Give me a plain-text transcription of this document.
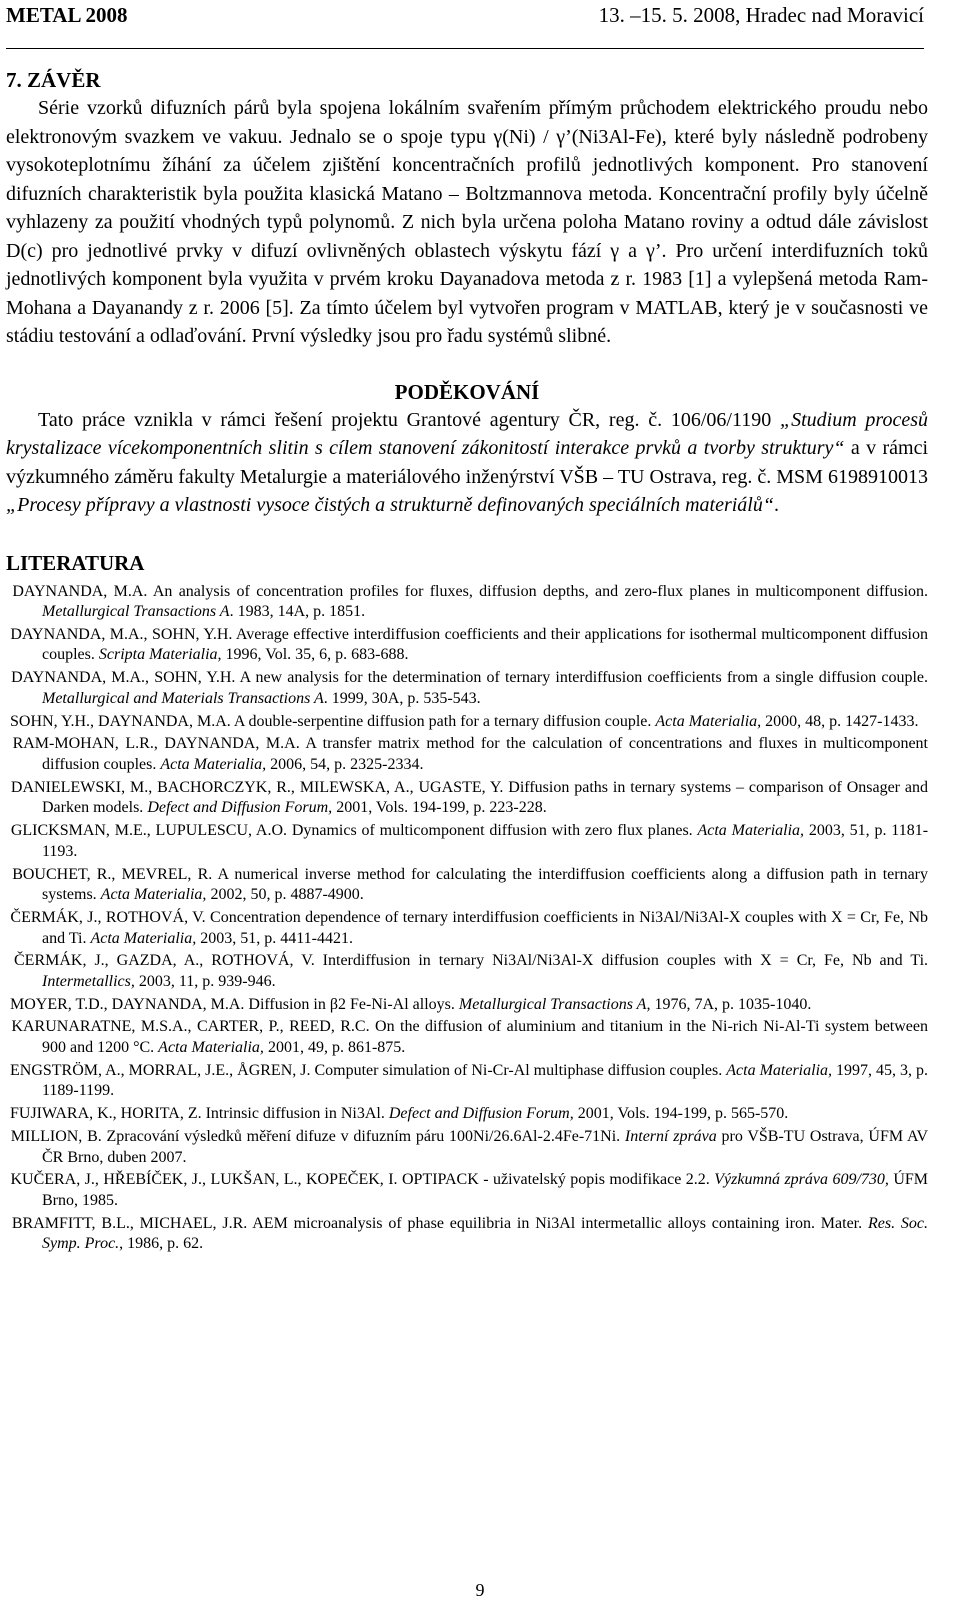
METAL 2008	13. –15. 5. 2008, Hradec nad Moravicí
7. ZÁVĚR

Série vzorků difuzních párů byla spojena lokálním svařením přímým průchodem elektrického proudu nebo elektronovým svazkem ve vakuu. Jednalo se o spoje typu γ(Ni) / γ’(Ni3Al-Fe), které byly následně podrobeny vysokoteplotnímu žíhání za účelem zjištění koncentračních profilů jednotlivých komponent. Pro stanovení difuzních charakteristik byla použita klasická Matano – Boltzmannova metoda. Koncentrační profily byly účelně vyhlazeny za použití vhodných typů polynomů. Z nich byla určena poloha Matano roviny a odtud dále závislost D(c) pro jednotlivé prvky v difuzí ovlivněných oblastech výskytu fází γ a γ’. Pro určení interdifuzních toků jednotlivých komponent byla využita v prvém kroku Dayanadova metoda z r. 1983 [1] a vylepšená metoda Ram-Mohana a Dayanandy z r. 2006 [5]. Za tímto účelem byl vytvořen program v MATLAB, který je v současnosti ve stádiu testování a odlaďování. První výsledky jsou pro řadu systémů slibné.

PODĚKOVÁNÍ

Tato práce vznikla v rámci řešení projektu Grantové agentury ČR, reg. č. 106/06/1190 „Studium procesů krystalizace vícekomponentních slitin s cílem stanovení zákonitostí interakce prvků a tvorby struktury“ a v rámci výzkumného záměru fakulty Metalurgie a materiálového inženýrství VŠB – TU Ostrava, reg. č. MSM 6198910013 „Procesy přípravy a vlastnosti vysoce čistých a strukturně definovaných speciálních materiálů“.

LITERATURA
DAYNANDA, M.A. An analysis of concentration profiles for fluxes, diffusion depths, and zero-flux planes in multicomponent diffusion. Metallurgical Transactions A. 1983, 14A, p. 1851.
DAYNANDA, M.A., SOHN, Y.H. Average effective interdiffusion coefficients and their applications for isothermal multicomponent diffusion couples. Scripta Materialia, 1996, Vol. 35, 6, p. 683-688.
DAYNANDA, M.A., SOHN, Y.H. A new analysis for the determination of ternary interdiffusion coefficients from a single diffusion couple. Metallurgical and Materials Transactions A. 1999, 30A, p. 535-543.
SOHN, Y.H., DAYNANDA, M.A. A double-serpentine diffusion path for a ternary diffusion couple. Acta Materialia, 2000, 48, p. 1427-1433.
RAM-MOHAN, L.R., DAYNANDA, M.A. A transfer matrix method for the calculation of concentrations and fluxes in multicomponent diffusion couples. Acta Materialia, 2006, 54, p. 2325-2334.
DANIELEWSKI, M., BACHORCZYK, R., MILEWSKA, A., UGASTE, Y. Diffusion paths in ternary systems – comparison of Onsager and Darken models. Defect and Diffusion Forum, 2001, Vols. 194-199, p. 223-228.
GLICKSMAN, M.E., LUPULESCU, A.O. Dynamics of multicomponent diffusion with zero flux planes. Acta Materialia, 2003, 51, p. 1181-1193.
BOUCHET, R., MEVREL, R. A numerical inverse method for calculating the interdiffusion coefficients along a diffusion path in ternary systems. Acta Materialia, 2002, 50, p. 4887-4900.
ČERMÁK, J., ROTHOVÁ, V. Concentration dependence of ternary interdiffusion coefficients in Ni3Al/Ni3Al-X couples with X = Cr, Fe, Nb and Ti. Acta Materialia, 2003, 51, p. 4411-4421.
ČERMÁK, J., GAZDA, A., ROTHOVÁ, V. Interdiffusion in ternary Ni3Al/Ni3Al-X diffusion couples with X = Cr, Fe, Nb and Ti. Intermetallics, 2003, 11, p. 939-946.
MOYER, T.D., DAYNANDA, M.A. Diffusion in β2 Fe-Ni-Al alloys. Metallurgical Transactions A, 1976, 7A, p. 1035-1040.
KARUNARATNE, M.S.A., CARTER, P., REED, R.C. On the diffusion of aluminium and titanium in the Ni-rich Ni-Al-Ti system between 900 and 1200 °C. Acta Materialia, 2001, 49, p. 861-875.
ENGSTRÖM, A., MORRAL, J.E., ÅGREN, J. Computer simulation of Ni-Cr-Al multiphase diffusion couples. Acta Materialia, 1997, 45, 3, p. 1189-1199.
FUJIWARA, K., HORITA, Z. Intrinsic diffusion in Ni3Al. Defect and Diffusion Forum, 2001, Vols. 194-199, p. 565-570.
MILLION, B. Zpracování výsledků měření difuze v difuzním páru 100Ni/26.6Al-2.4Fe-71Ni. Interní zpráva pro VŠB-TU Ostrava, ÚFM AV ČR Brno, duben 2007.
KUČERA, J., HŘEBÍČEK, J., LUKŠAN, L., KOPEČEK, I. OPTIPACK - uživatelský popis modifikace 2.2. Výzkumná zpráva 609/730, ÚFM Brno, 1985.
BRAMFITT, B.L., MICHAEL, J.R. AEM microanalysis of phase equilibria in Ni3Al intermetallic alloys containing iron. Mater. Res. Soc. Symp. Proc., 1986, p. 62.
9
